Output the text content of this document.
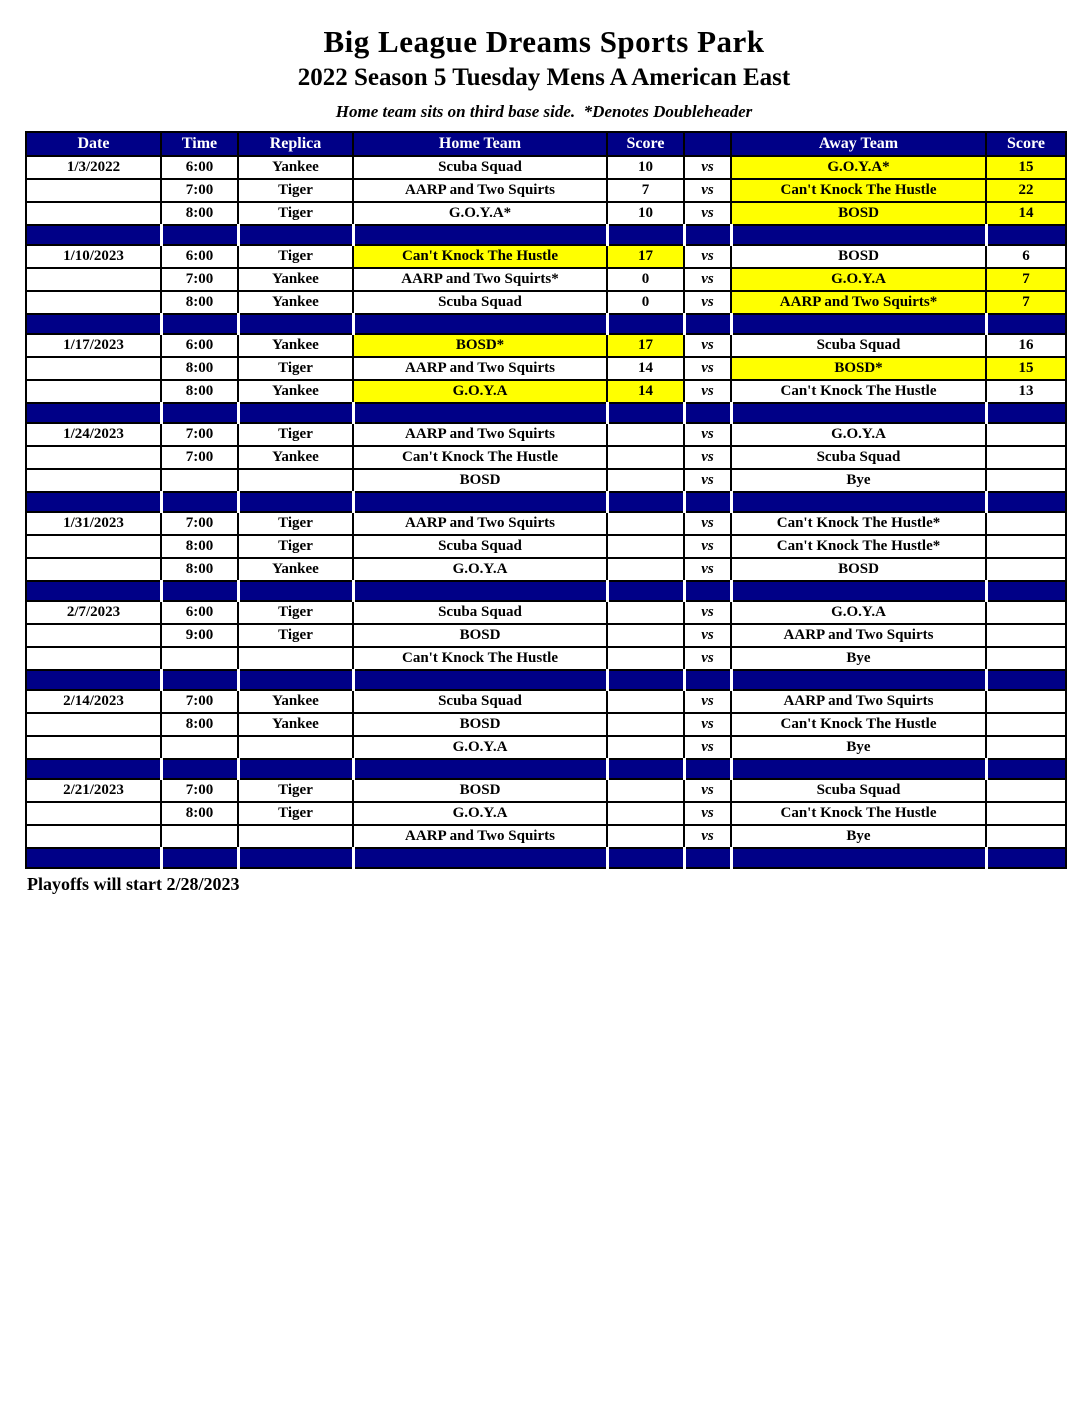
Big League Dreams Sports Park
2022 Season 5 Tuesday Mens A American East
Home team sits on third base side.  *Denotes Doubleheader
Date	Time	Replica	Home Team	Score		Away Team	Score
1/3/2022	6:00	Yankee	Scuba Squad	10	vs	G.O.Y.A*	15
	7:00	Tiger	AARP and Two Squirts	7	vs	Can't Knock The Hustle	22
	8:00	Tiger	G.O.Y.A*	10	vs	BOSD	14

1/10/2023	6:00	Tiger	Can't Knock The Hustle	17	vs	BOSD	6
	7:00	Yankee	AARP and Two Squirts*	0	vs	G.O.Y.A	7
	8:00	Yankee	Scuba Squad	0	vs	AARP and Two Squirts*	7

1/17/2023	6:00	Yankee	BOSD*	17	vs	Scuba Squad	16
	8:00	Tiger	AARP and Two Squirts	14	vs	BOSD*	15
	8:00	Yankee	G.O.Y.A	14	vs	Can't Knock The Hustle	13

1/24/2023	7:00	Tiger	AARP and Two Squirts		vs	G.O.Y.A	
	7:00	Yankee	Can't Knock The Hustle		vs	Scuba Squad	
			BOSD		vs	Bye	

1/31/2023	7:00	Tiger	AARP and Two Squirts		vs	Can't Knock The Hustle*	
	8:00	Tiger	Scuba Squad		vs	Can't Knock The Hustle*	
	8:00	Yankee	G.O.Y.A		vs	BOSD	

2/7/2023	6:00	Tiger	Scuba Squad		vs	G.O.Y.A	
	9:00	Tiger	BOSD		vs	AARP and Two Squirts	
			Can't Knock The Hustle		vs	Bye	

2/14/2023	7:00	Yankee	Scuba Squad		vs	AARP and Two Squirts	
	8:00	Yankee	BOSD		vs	Can't Knock The Hustle	
			G.O.Y.A		vs	Bye	

2/21/2023	7:00	Tiger	BOSD		vs	Scuba Squad	
	8:00	Tiger	G.O.Y.A		vs	Can't Knock The Hustle	
			AARP and Two Squirts		vs	Bye	

Playoffs will start 2/28/2023
